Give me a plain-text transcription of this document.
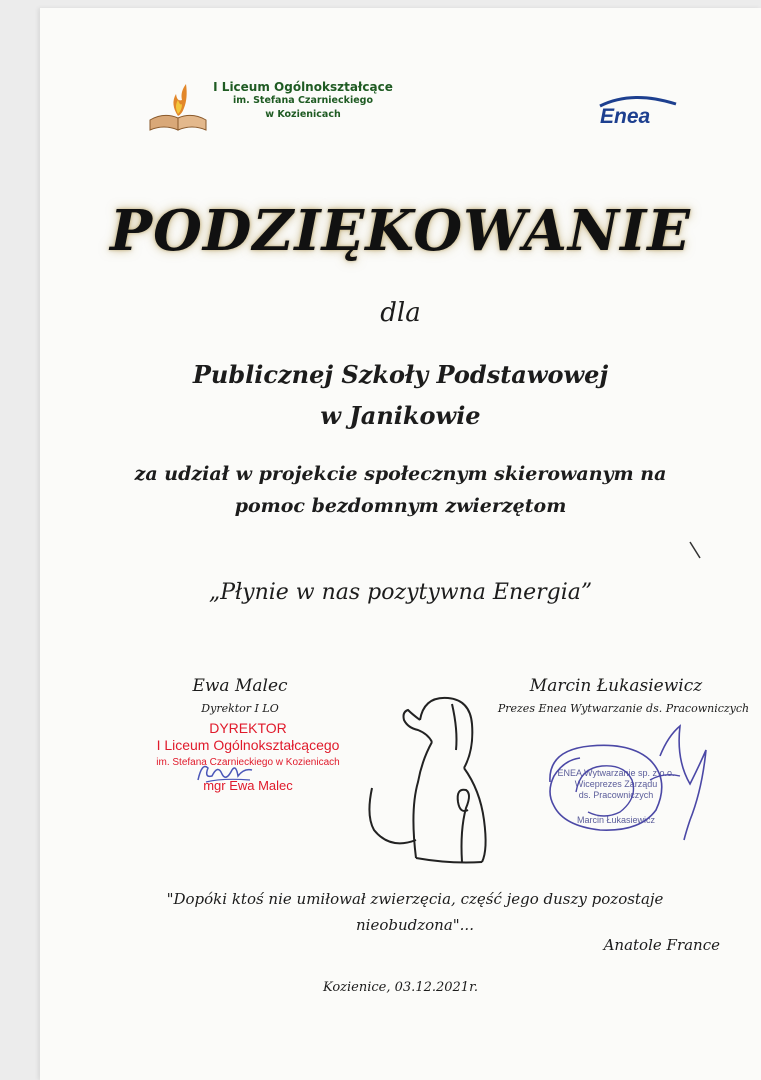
I Liceum Ogólnokształcące
im. Stefana Czarnieckiego
w Kozienicach	Enea
PODZIĘKOWANIE
dla
Publicznej Szkoły Podstawowej
w Janikowie
za udział w projekcie społecznym skierowanym na
pomoc bezdomnym zwierzętom
„Płynie w nas pozytywna Energia”
Ewa Malec
Dyrektor I LO
DYREKTOR
I Liceum Ogólnokształcącego
im. Stefana Czarnieckiego w Kozienicach
mgr Ewa Malec
Marcin Łukasiewicz
Prezes Enea Wytwarzanie ds. Pracowniczych
ENEA Wytwarzanie sp. z o.o.
Wiceprezes Zarządu
ds. Pracowniczych
Marcin Łukasiewicz
"Dopóki ktoś nie umiłował zwierzęcia, część jego duszy pozostaje
nieobudzona"...
Anatole France
Kozienice, 03.12.2021r.
